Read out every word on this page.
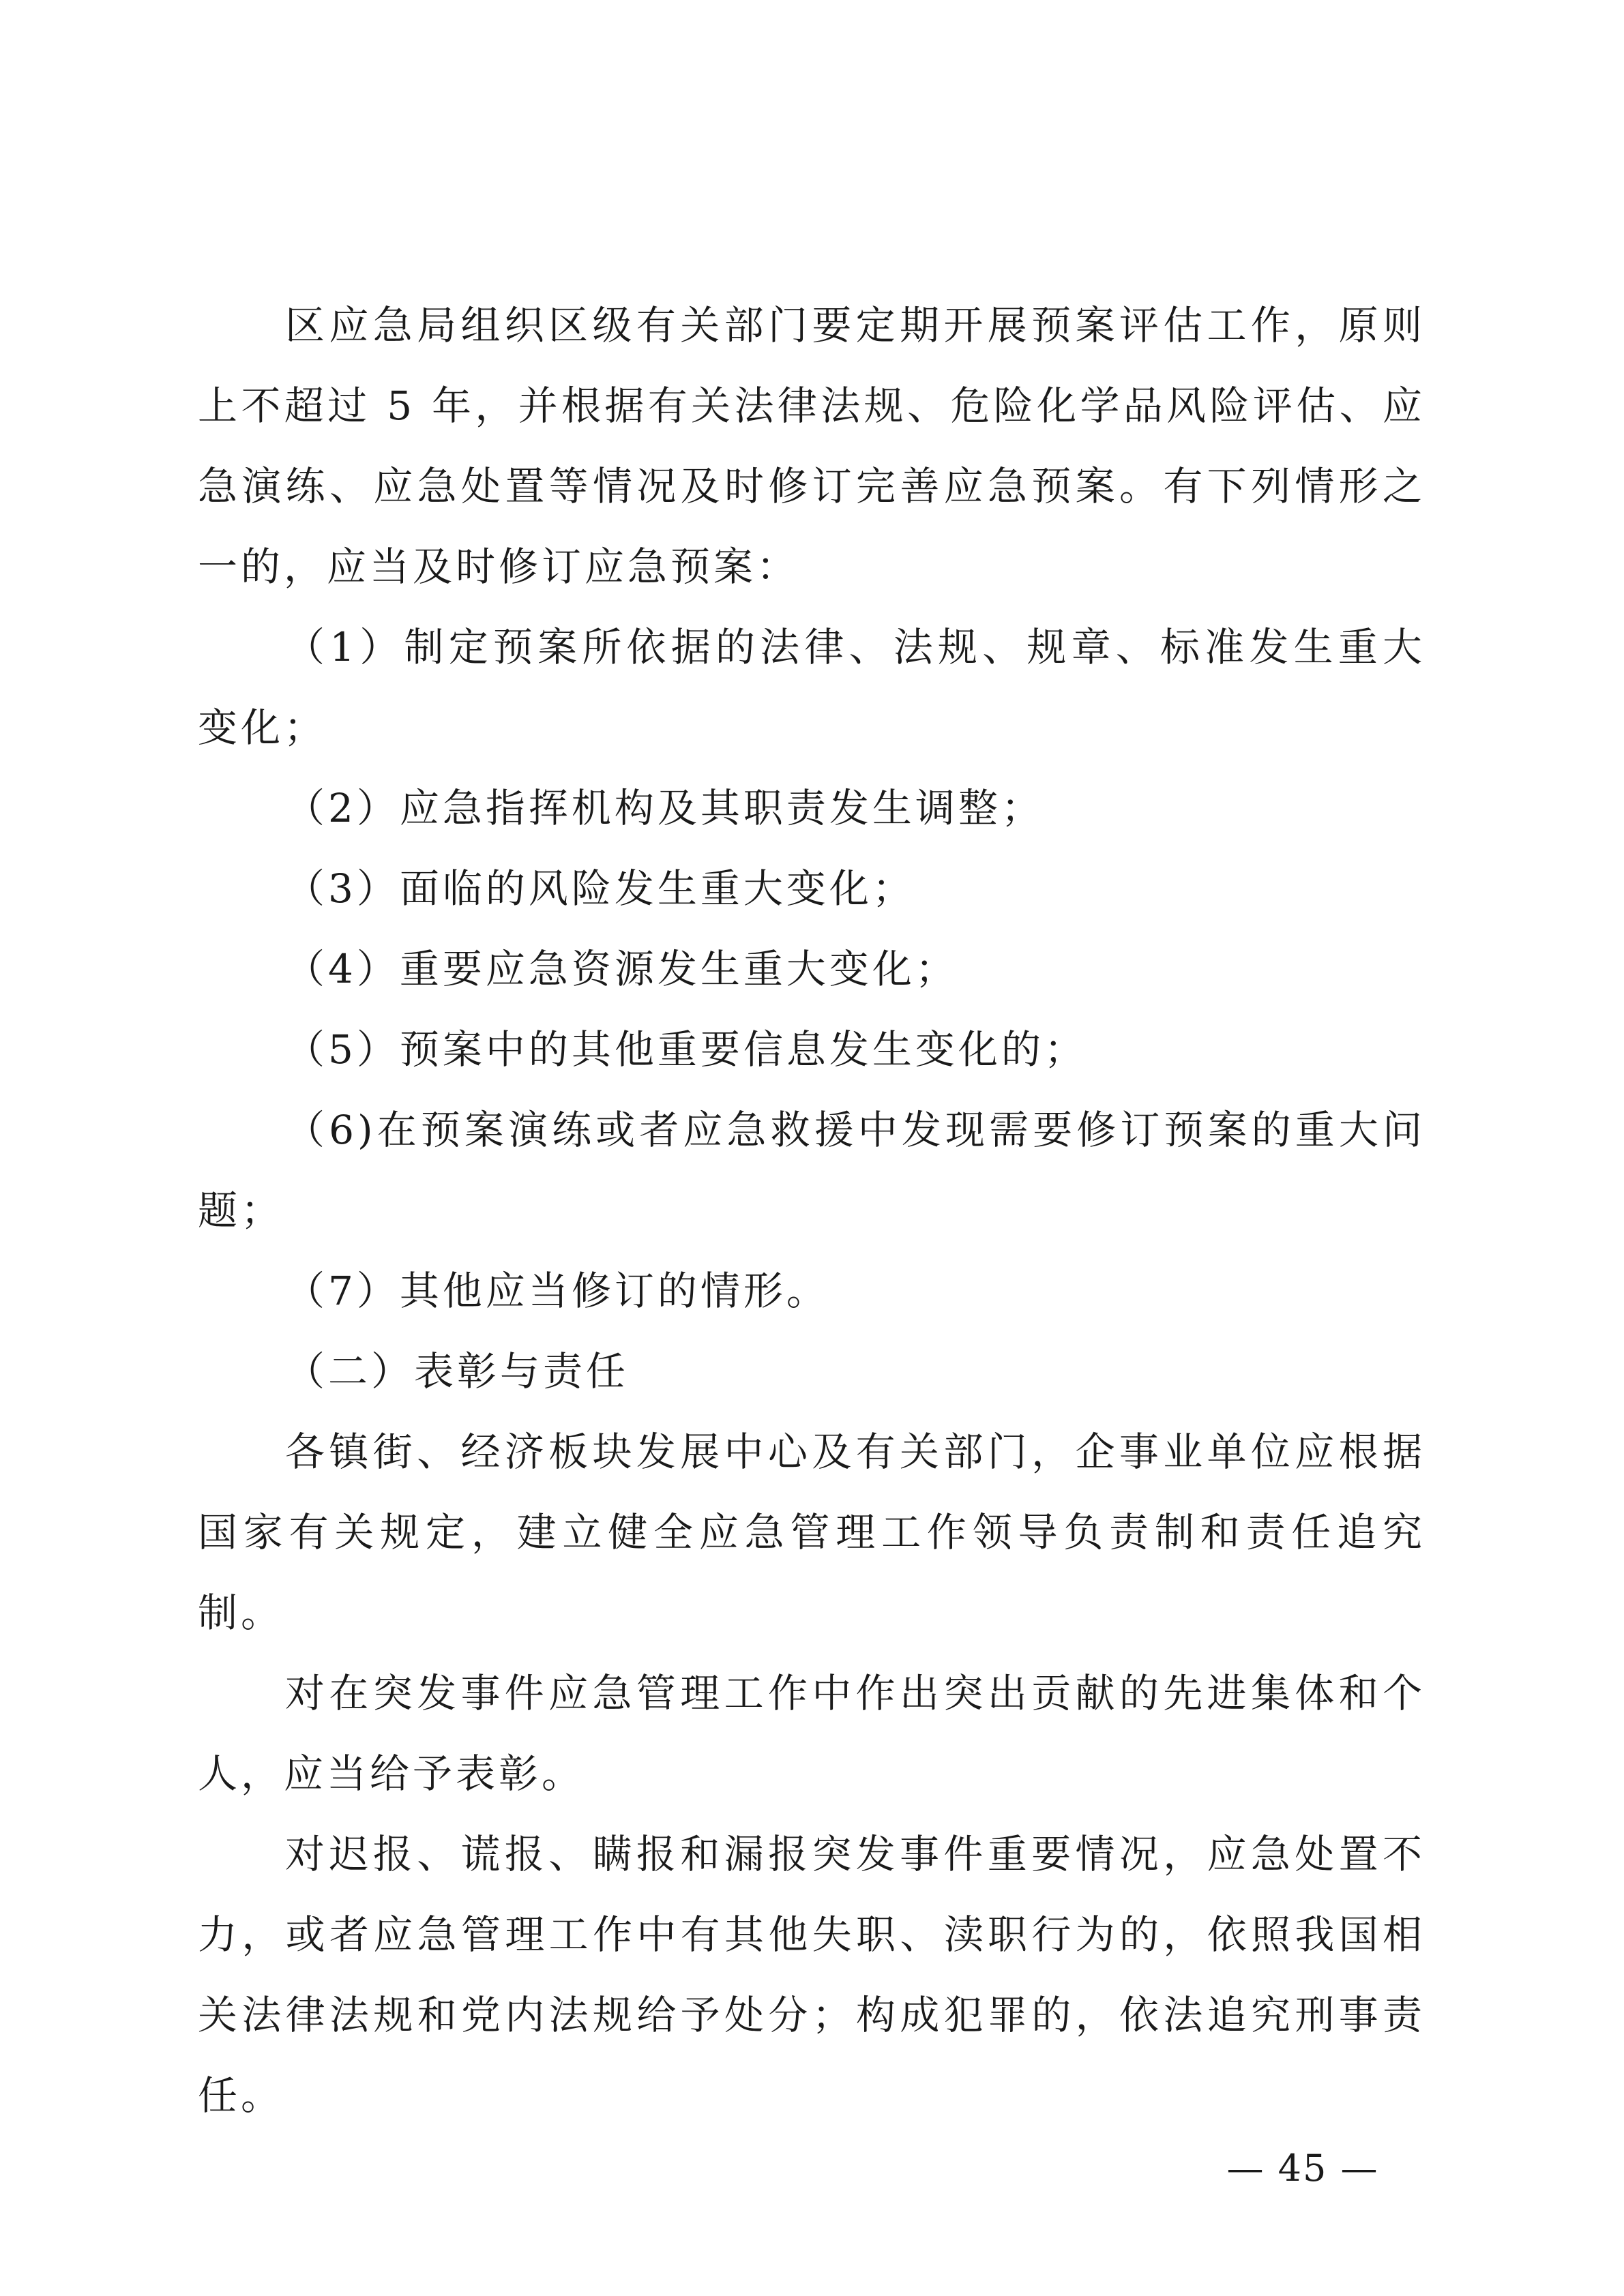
区应急局组织区级有关部门要定期开展预案评估工作，原则上不超过 5 年，并根据有关法律法规、危险化学品风险评估、应急演练、应急处置等情况及时修订完善应急预案。有下列情形之一的，应当及时修订应急预案：

（1）制定预案所依据的法律、法规、规章、标准发生重大变化；

（2）应急指挥机构及其职责发生调整；

（3）面临的风险发生重大变化；

（4）重要应急资源发生重大变化；

（5）预案中的其他重要信息发生变化的；

（6)在预案演练或者应急救援中发现需要修订预案的重大问题；

（7）其他应当修订的情形。

（二）表彰与责任

各镇街、经济板块发展中心及有关部门，企事业单位应根据国家有关规定，建立健全应急管理工作领导负责制和责任追究制。

对在突发事件应急管理工作中作出突出贡献的先进集体和个人，应当给予表彰。

对迟报、谎报、瞒报和漏报突发事件重要情况，应急处置不力，或者应急管理工作中有其他失职、渎职行为的，依照我国相关法律法规和党内法规给予处分；构成犯罪的，依法追究刑事责任。

— 45 —
